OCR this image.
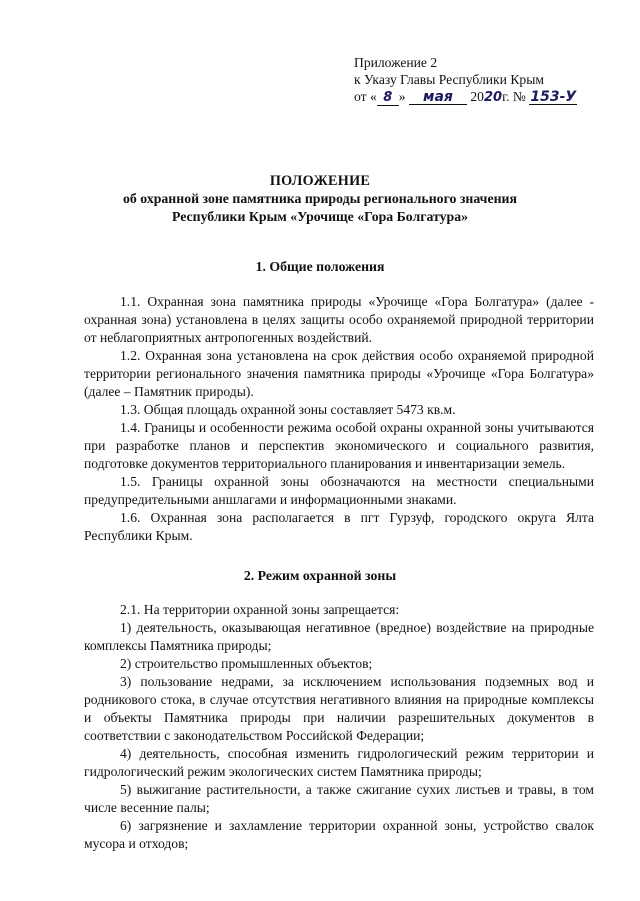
Приложение 2
к Указу Главы Республики Крым
от « 8 » мая 2020г. № 153-У
ПОЛОЖЕНИЕ
об охранной зоне памятника природы регионального значения
Республики Крым «Урочище «Гора Болгатура»
1. Общие положения

1.1. Охранная зона памятника природы «Урочище «Гора Болгатура» (далее - охранная зона) установлена в целях защиты особо охраняемой природной территории от неблагоприятных антропогенных воздействий.

1.2. Охранная зона установлена на срок действия особо охраняемой природной территории регионального значения памятника природы «Урочище «Гора Болгатура» (далее – Памятник природы).

1.3. Общая площадь охранной зоны составляет 5473 кв.м.

1.4. Границы и особенности режима особой охраны охранной зоны учитываются при разработке планов и перспектив экономического и социального развития, подготовке документов территориального планирования и инвентаризации земель.

1.5. Границы охранной зоны обозначаются на местности специальными предупредительными аншлагами и информационными знаками.

1.6. Охранная зона располагается в пгт Гурзуф, городского округа Ялта Республики Крым.

2. Режим охранной зоны

2.1. На территории охранной зоны запрещается:

1) деятельность, оказывающая негативное (вредное) воздействие на природные комплексы Памятника природы;

2) строительство промышленных объектов;

3) пользование недрами, за исключением использования подземных вод и родникового стока, в случае отсутствия негативного влияния на природные комплексы и объекты Памятника природы при наличии разрешительных документов в соответствии с законодательством Российской Федерации;

4) деятельность, способная изменить гидрологический режим территории и гидрологический режим экологических систем Памятника природы;

5) выжигание растительности, а также сжигание сухих листьев и травы, в том числе весенние палы;

6) загрязнение и захламление территории охранной зоны, устройство свалок мусора и отходов;
